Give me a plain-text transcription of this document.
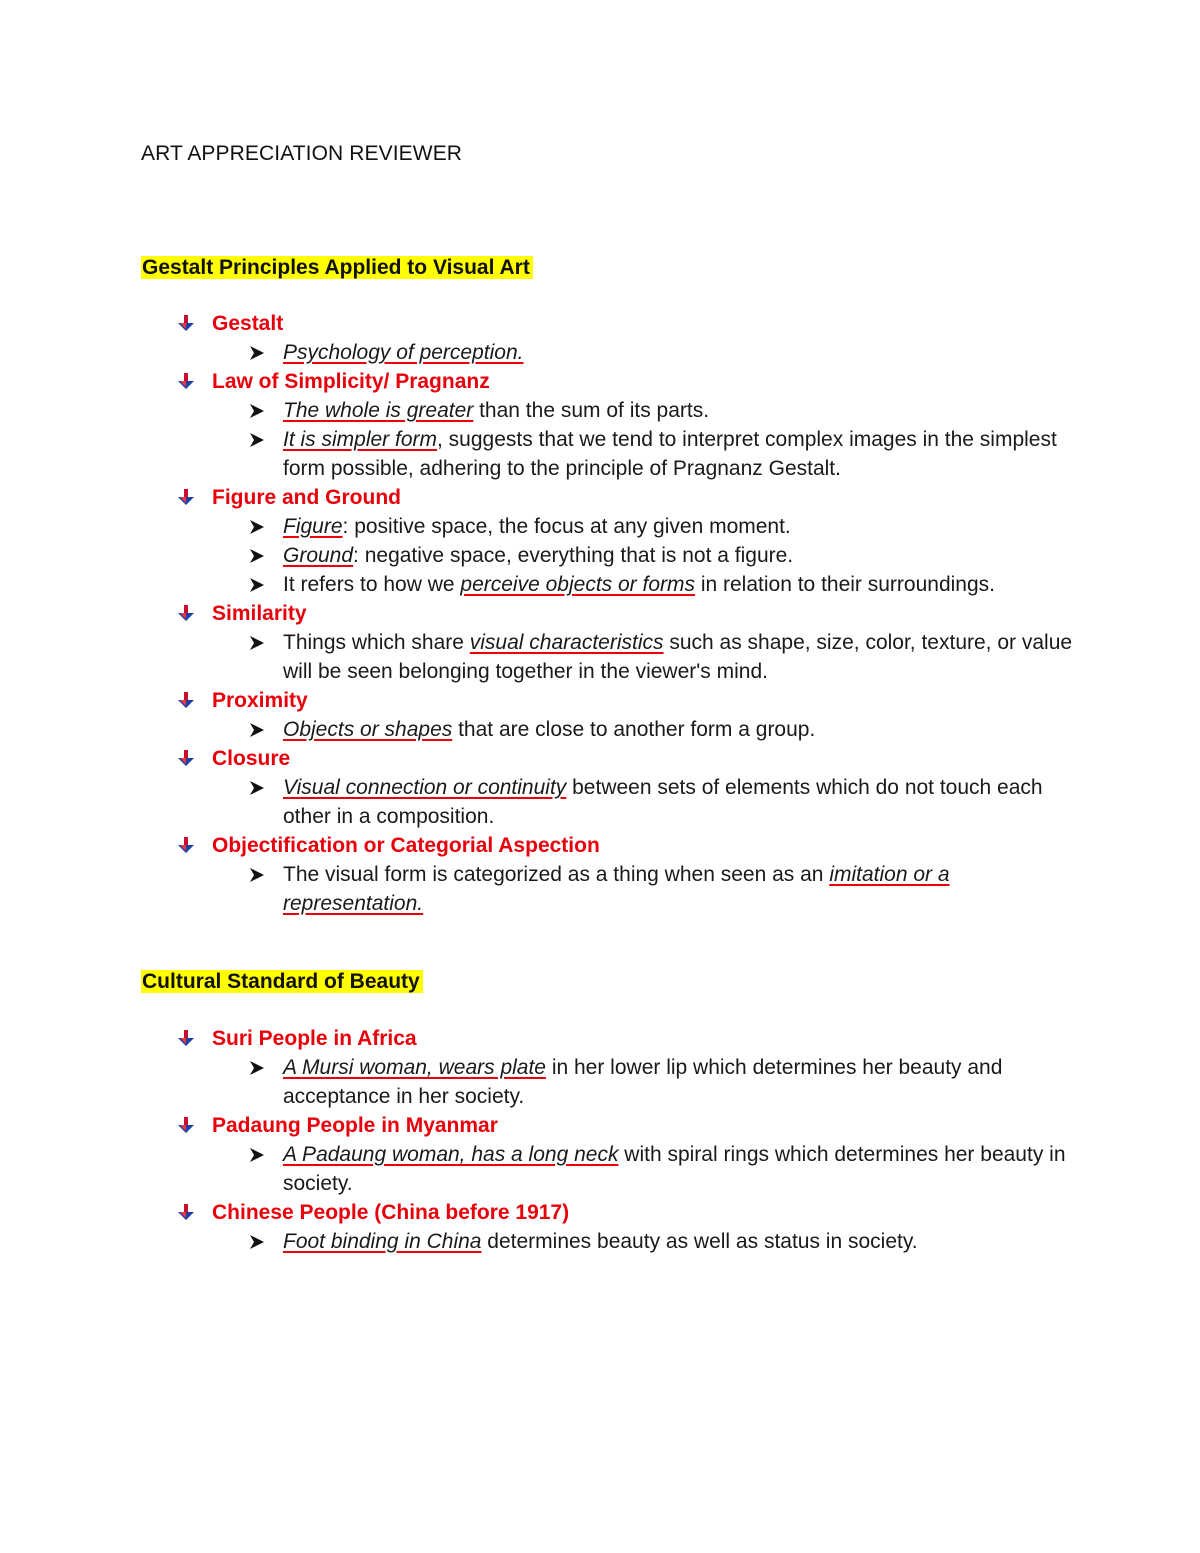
ART APPRECIATION REVIEWER
Gestalt Principles Applied to Visual Art
Gestalt
Psychology of perception.
Law of Simplicity/ Pragnanz
The whole is greater than the sum of its parts.
It is simpler form, suggests that we tend to interpret complex images in the simplest form possible, adhering to the principle of Pragnanz Gestalt.
Figure and Ground
Figure: positive space, the focus at any given moment.
Ground: negative space, everything that is not a figure.
It refers to how we perceive objects or forms in relation to their surroundings.
Similarity
Things which share visual characteristics such as shape, size, color, texture, or value will be seen belonging together in the viewer's mind.
Proximity
Objects or shapes that are close to another form a group.
Closure
Visual connection or continuity between sets of elements which do not touch each other in a composition.
Objectification or Categorial Aspection
The visual form is categorized as a thing when seen as an imitation or a representation.
Cultural Standard of Beauty
Suri People in Africa
A Mursi woman, wears plate in her lower lip which determines her beauty and acceptance in her society.
Padaung People in Myanmar
A Padaung woman, has a long neck with spiral rings which determines her beauty in society.
Chinese People (China before 1917)
Foot binding in China determines beauty as well as status in society.
